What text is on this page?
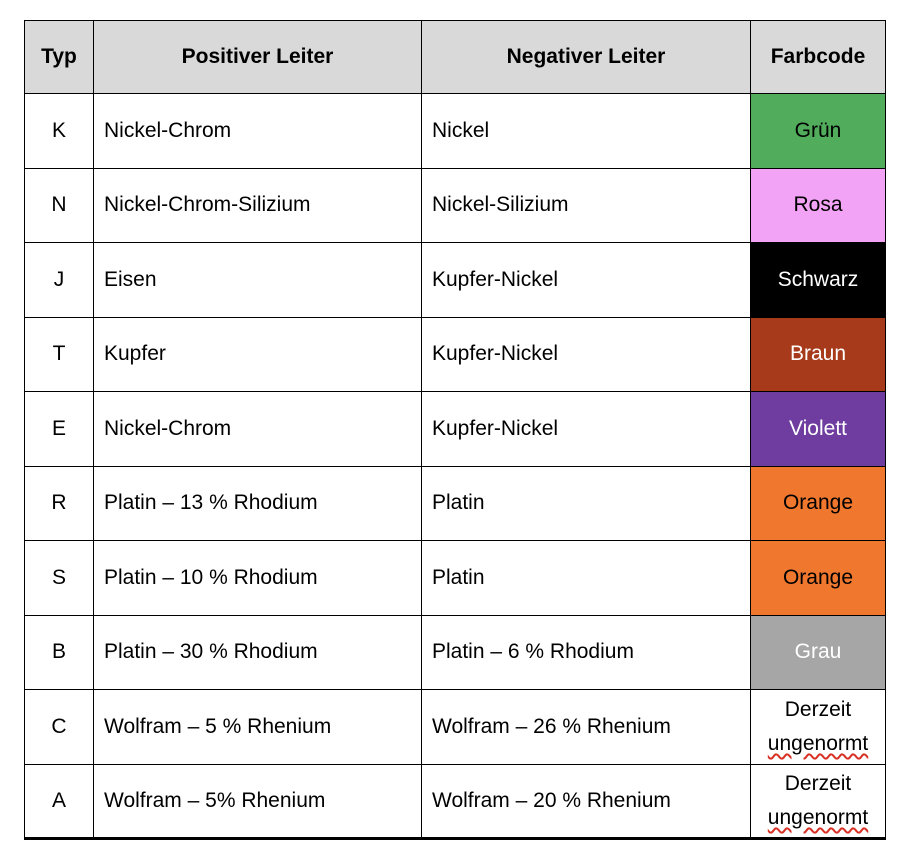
Typ	Positiver Leiter	Negativer Leiter	Farbcode
K	Nickel-Chrom	Nickel	Grün
N	Nickel-Chrom-Silizium	Nickel-Silizium	Rosa
J	Eisen	Kupfer-Nickel	Schwarz
T	Kupfer	Kupfer-Nickel	Braun
E	Nickel-Chrom	Kupfer-Nickel	Violett
R	Platin – 13 % Rhodium	Platin	Orange
S	Platin – 10 % Rhodium	Platin	Orange
B	Platin – 30 % Rhodium	Platin – 6 % Rhodium	Grau
C	Wolfram – 5 % Rhenium	Wolfram – 26 % Rhenium	Derzeit
ungenormt
A	Wolfram – 5% Rhenium	Wolfram – 20 % Rhenium	Derzeit
ungenormt
